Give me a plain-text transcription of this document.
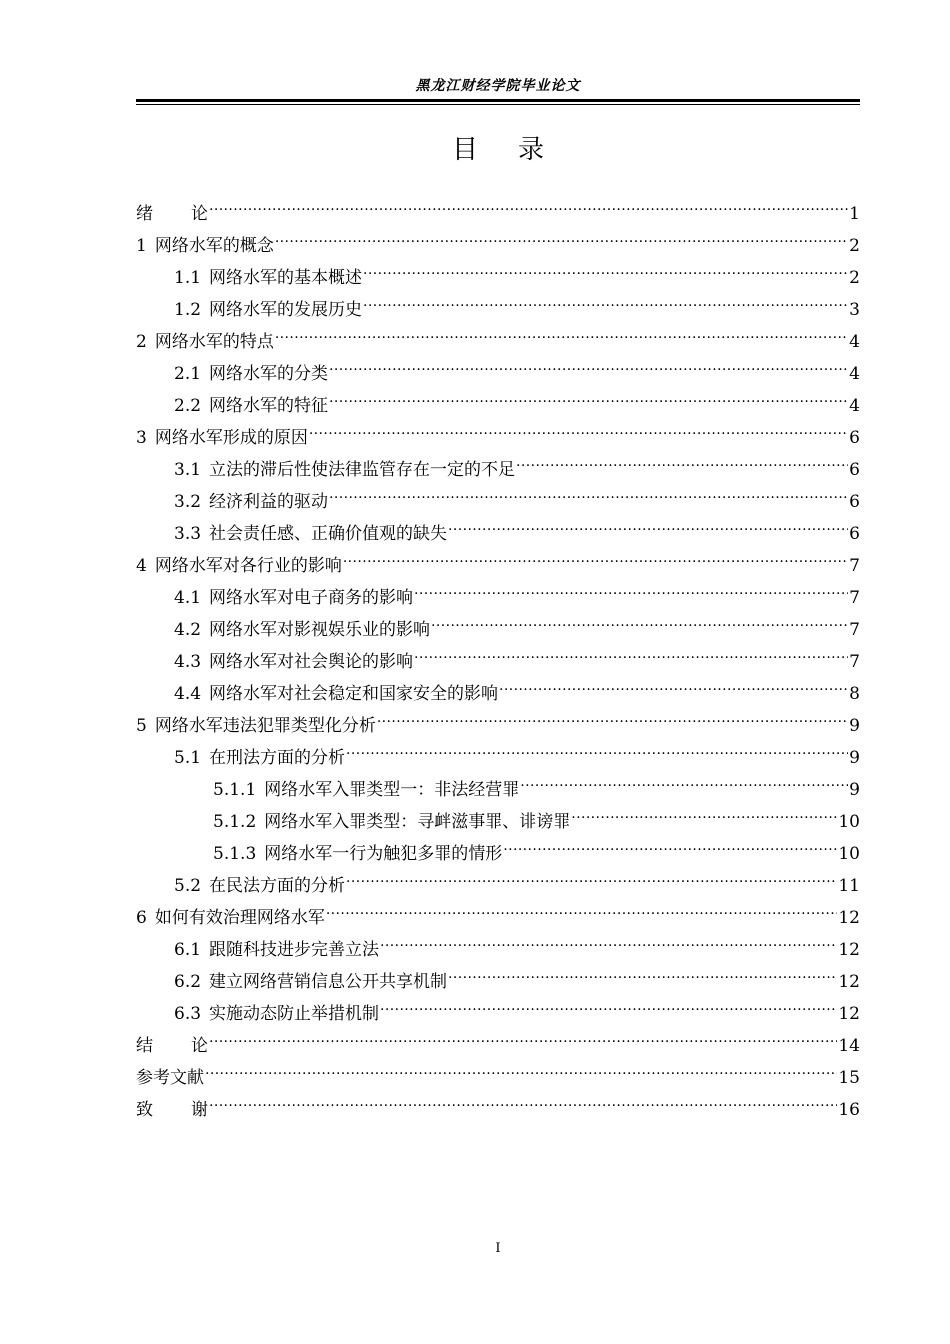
黑龙江财经学院毕业论文
目 录
绪 论 .....	1
1 网络水军的概念 .....	2
1.1 网络水军的基本概述 .....	2
1.2 网络水军的发展历史 .....	3
2 网络水军的特点 .....	4
2.1 网络水军的分类 .....	4
2.2 网络水军的特征 .....	4
3 网络水军形成的原因 .....	6
3.1 立法的滞后性使法律监管存在一定的不足 .....	6
3.2 经济利益的驱动 .....	6
3.3 社会责任感、正确价值观的缺失 .....	6
4 网络水军对各行业的影响 .....	7
4.1 网络水军对电子商务的影响 .....	7
4.2 网络水军对影视娱乐业的影响 .....	7
4.3 网络水军对社会舆论的影响 .....	7
4.4 网络水军对社会稳定和国家安全的影响 .....	8
5 网络水军违法犯罪类型化分析 .....	9
5.1 在刑法方面的分析 .....	9
5.1.1 网络水军入罪类型一：非法经营罪 .....	9
5.1.2 网络水军入罪类型：寻衅滋事罪、诽谤罪 .....	10
5.1.3 网络水军一行为触犯多罪的情形 .....	10
5.2 在民法方面的分析 .....	11
6 如何有效治理网络水军 .....	12
6.1 跟随科技进步完善立法 .....	12
6.2 建立网络营销信息公开共享机制 .....	12
6.3 实施动态防止举措机制 .....	12
结 论 .....	14
参考文献 .....	15
致 谢 .....	16
I
